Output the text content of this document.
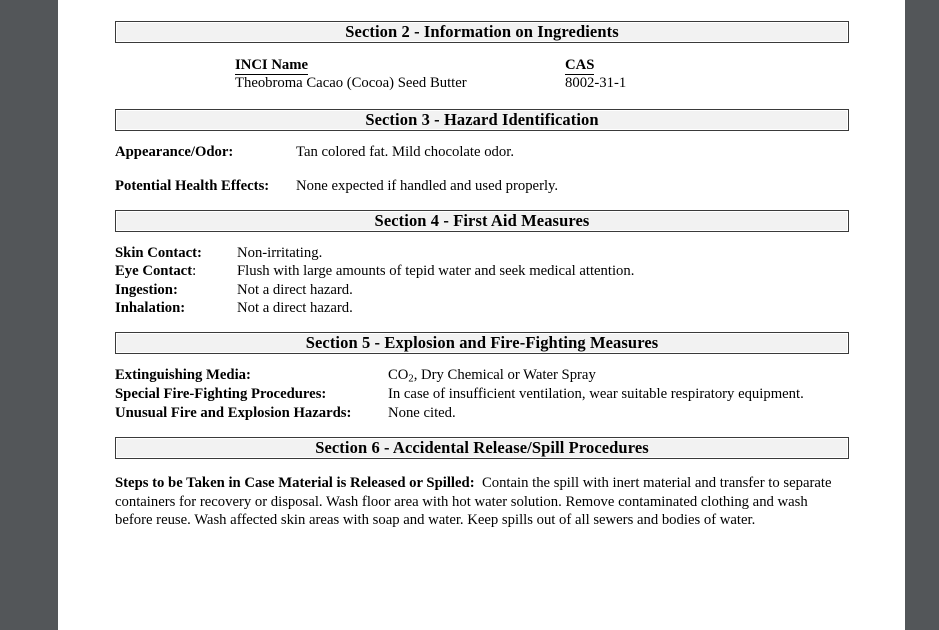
Section 2 - Information on Ingredients
INCI Name	CAS
Theobroma Cacao (Cocoa) Seed Butter	8002-31-1
Section 3 - Hazard Identification
Appearance/Odor:	Tan colored fat. Mild chocolate odor.
Potential Health Effects:	None expected if handled and used properly.
Section 4 - First Aid Measures
Skin Contact:	Non-irritating.
Eye Contact:	Flush with large amounts of tepid water and seek medical attention.
Ingestion:	Not a direct hazard.
Inhalation:	Not a direct hazard.
Section 5 - Explosion and Fire-Fighting Measures
Extinguishing Media:	$CO_2$, Dry Chemical or Water Spray
Special Fire-Fighting Procedures:	In case of insufficient ventilation, wear suitable respiratory equipment.
Unusual Fire and Explosion Hazards:	None cited.
Section 6 - Accidental Release/Spill Procedures
Steps to be Taken in Case Material is Released or Spilled: Contain the spill with inert material and transfer to separate containers for recovery or disposal. Wash floor area with hot water solution. Remove contaminated clothing and wash before reuse. Wash affected skin areas with soap and water. Keep spills out of all sewers and bodies of water.
